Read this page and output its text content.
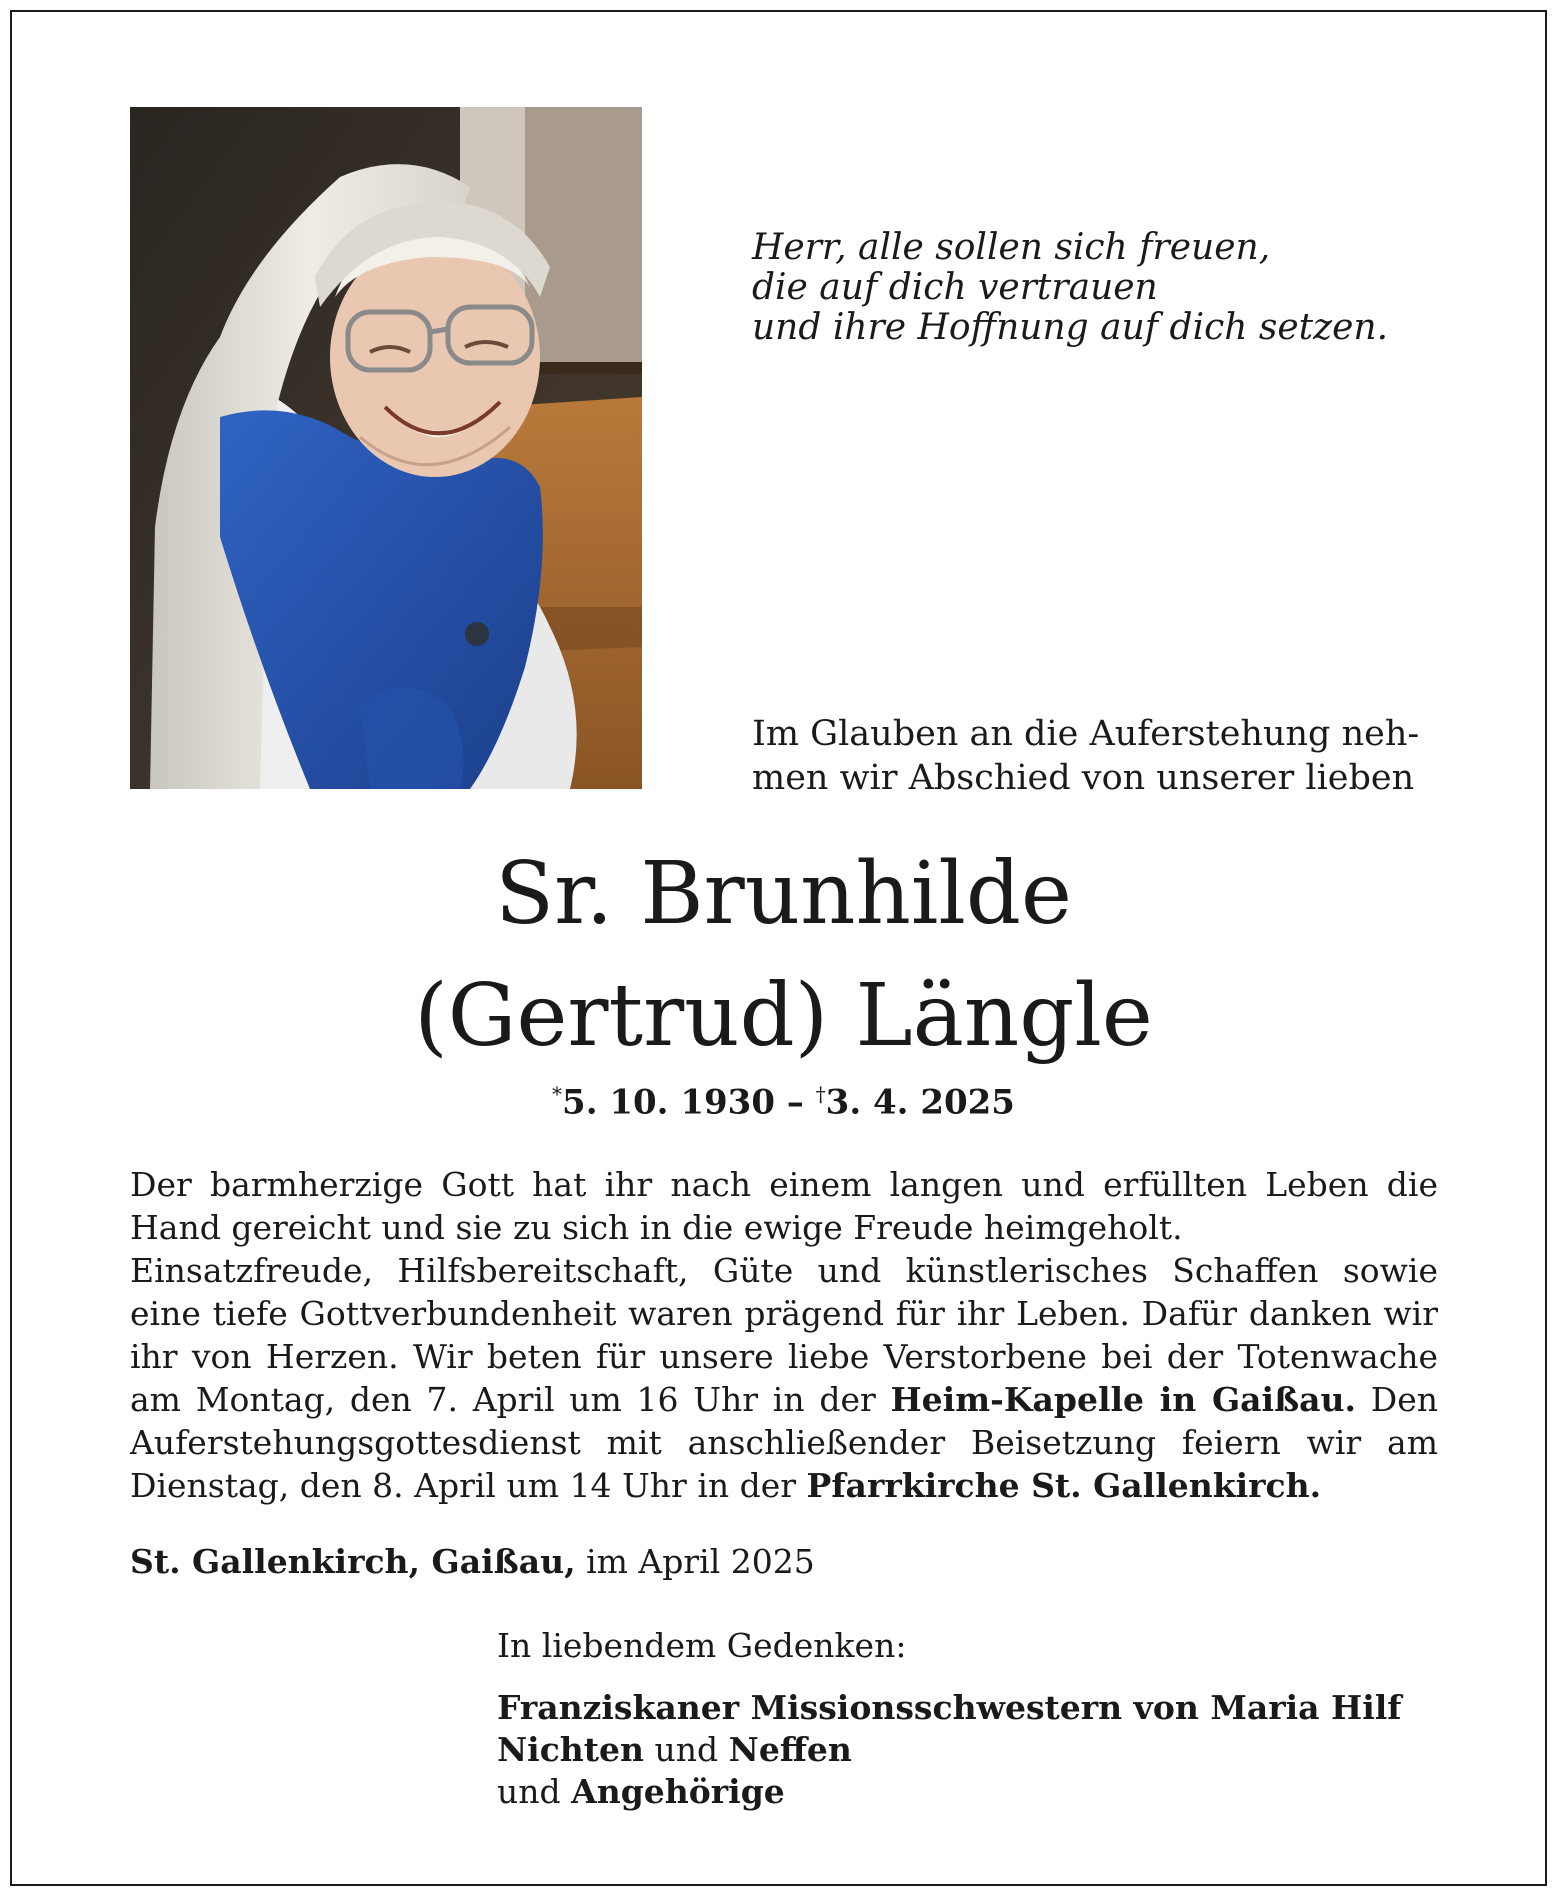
Herr, alle sollen sich freuen,
die auf dich vertrauen
und ihre Hoffnung auf dich setzen.
Im Glauben an die Auferstehung neh-
men wir Abschied von unserer lieben
Sr. Brunhilde
(Gertrud) Längle
*5. 10. 1930 – †3. 4. 2025
Der barmherzige Gott hat ihr nach einem langen und erfüllten Leben die
Hand gereicht und sie zu sich in die ewige Freude heimgeholt.
Einsatzfreude, Hilfsbereitschaft, Güte und künstlerisches Schaffen sowie
eine tiefe Gottverbundenheit waren prägend für ihr Leben. Dafür danken wir
ihr von Herzen. Wir beten für unsere liebe Verstorbene bei der Totenwache
am Montag, den 7. April um 16 Uhr in der Heim-Kapelle in Gaißau. Den
Auferstehungsgottesdienst mit anschließender Beisetzung feiern wir am
Dienstag, den 8. April um 14 Uhr in der Pfarrkirche St. Gallenkirch.
St. Gallenkirch, Gaißau, im April 2025
In liebendem Gedenken:
Franziskaner Missionsschwestern von Maria Hilf
Nichten und Neffen
und Angehörige
